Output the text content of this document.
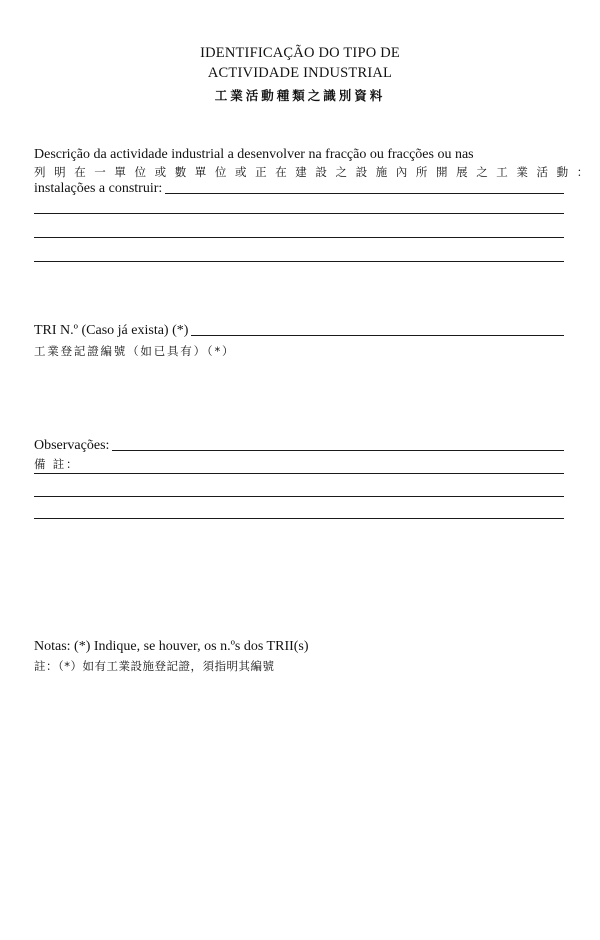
IDENTIFICAÇÃO DO TIPO DE
ACTIVIDADE INDUSTRIAL
工業活動種類之識別資料
Descrição da actividade industrial a desenvolver na fracção ou fracções ou nas
列明在一單位或數單位或正在建設之設施內所開展之工業活動：
instalações a construir:
TRI N.º (Caso já exista) (*)
工業登記證編號（如已具有）（*）
Observações:
備 註：
Notas: (*) Indique, se houver, os n.ºs dos TRII(s)
註：（*）如有工業設施登記證，須指明其編號
